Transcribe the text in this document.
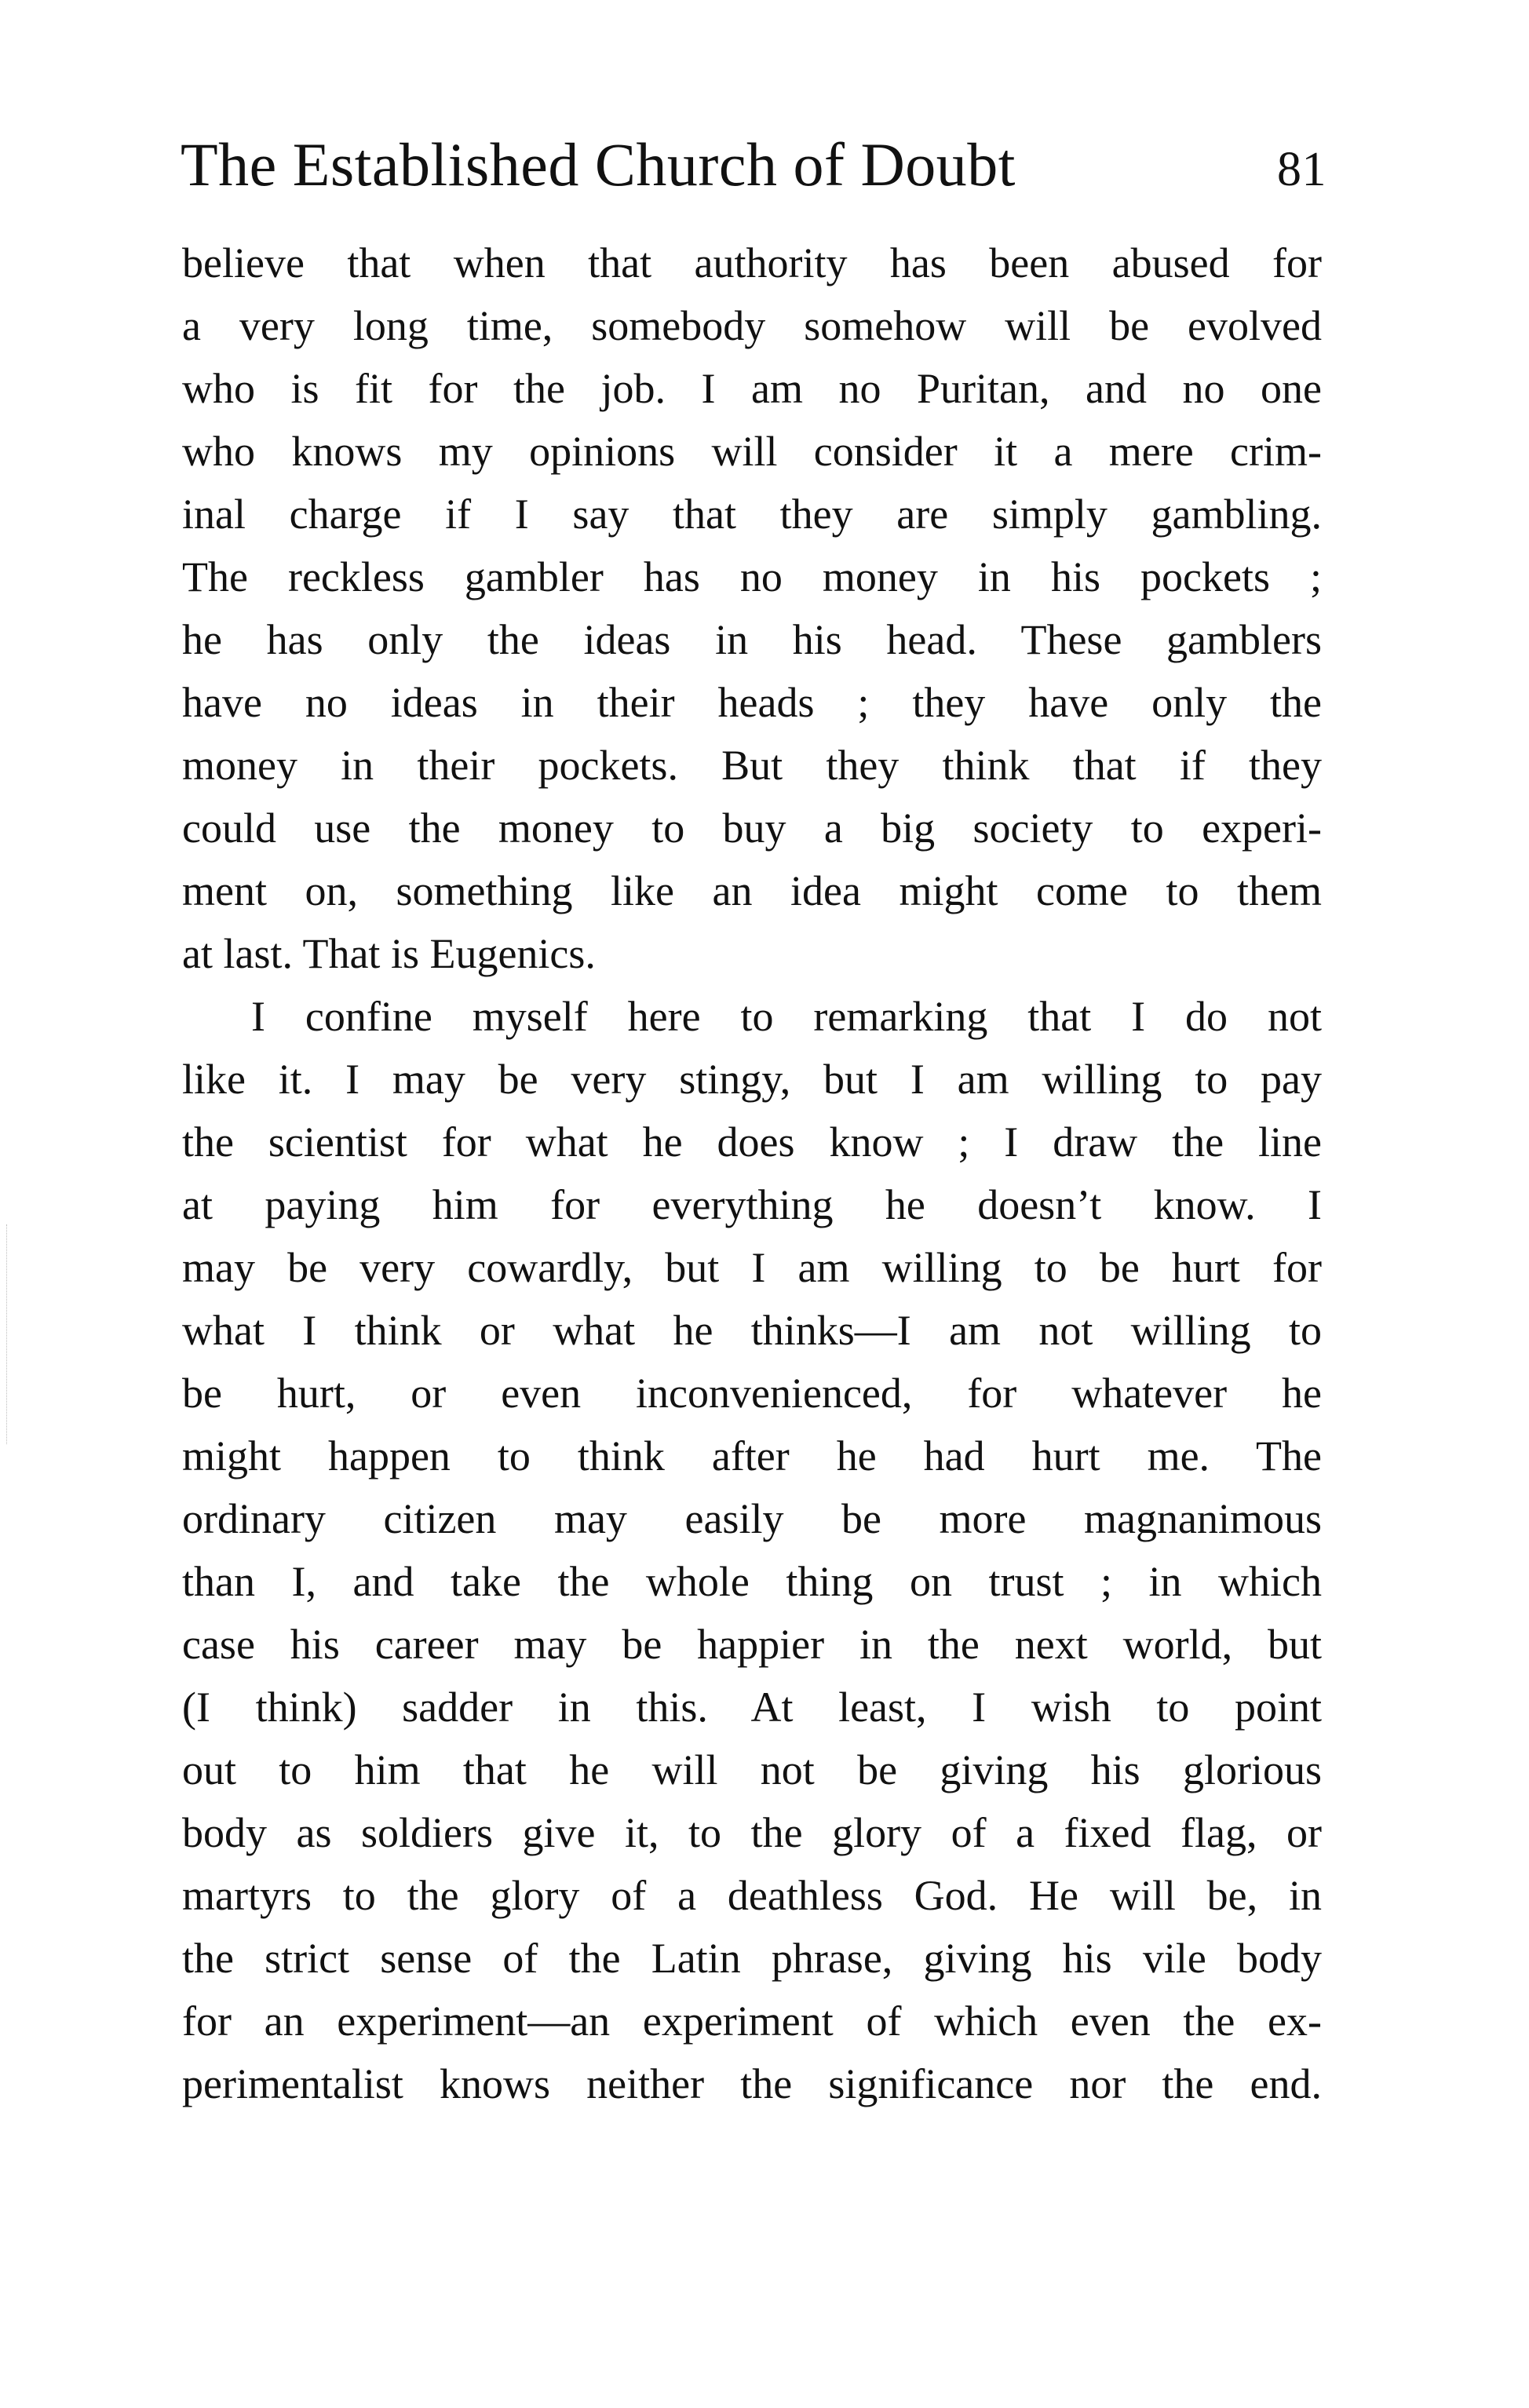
The Established Church of Doubt	81
believe that when that authority has been abused for
a very long time, somebody somehow will be evolved
who is fit for the job. I am no Puritan, and no one
who knows my opinions will consider it a mere crim-
inal charge if I say that they are simply gambling.
The reckless gambler has no money in his pockets ;
he has only the ideas in his head. These gamblers
have no ideas in their heads ; they have only the
money in their pockets. But they think that if they
could use the money to buy a big society to experi-
ment on, something like an idea might come to them
at last. That is Eugenics.
I confine myself here to remarking that I do not
like it. I may be very stingy, but I am willing to pay
the scientist for what he does know ; I draw the line
at paying him for everything he doesn’t know. I
may be very cowardly, but I am willing to be hurt for
what I think or what he thinks—I am not willing to
be hurt, or even inconvenienced, for whatever he
might happen to think after he had hurt me. The
ordinary citizen may easily be more magnanimous
than I, and take the whole thing on trust ; in which
case his career may be happier in the next world, but
(I think) sadder in this. At least, I wish to point
out to him that he will not be giving his glorious
body as soldiers give it, to the glory of a fixed flag, or
martyrs to the glory of a deathless God. He will be, in
the strict sense of the Latin phrase, giving his vile body
for an experiment—an experiment of which even the ex-
perimentalist knows neither the significance nor the end.
